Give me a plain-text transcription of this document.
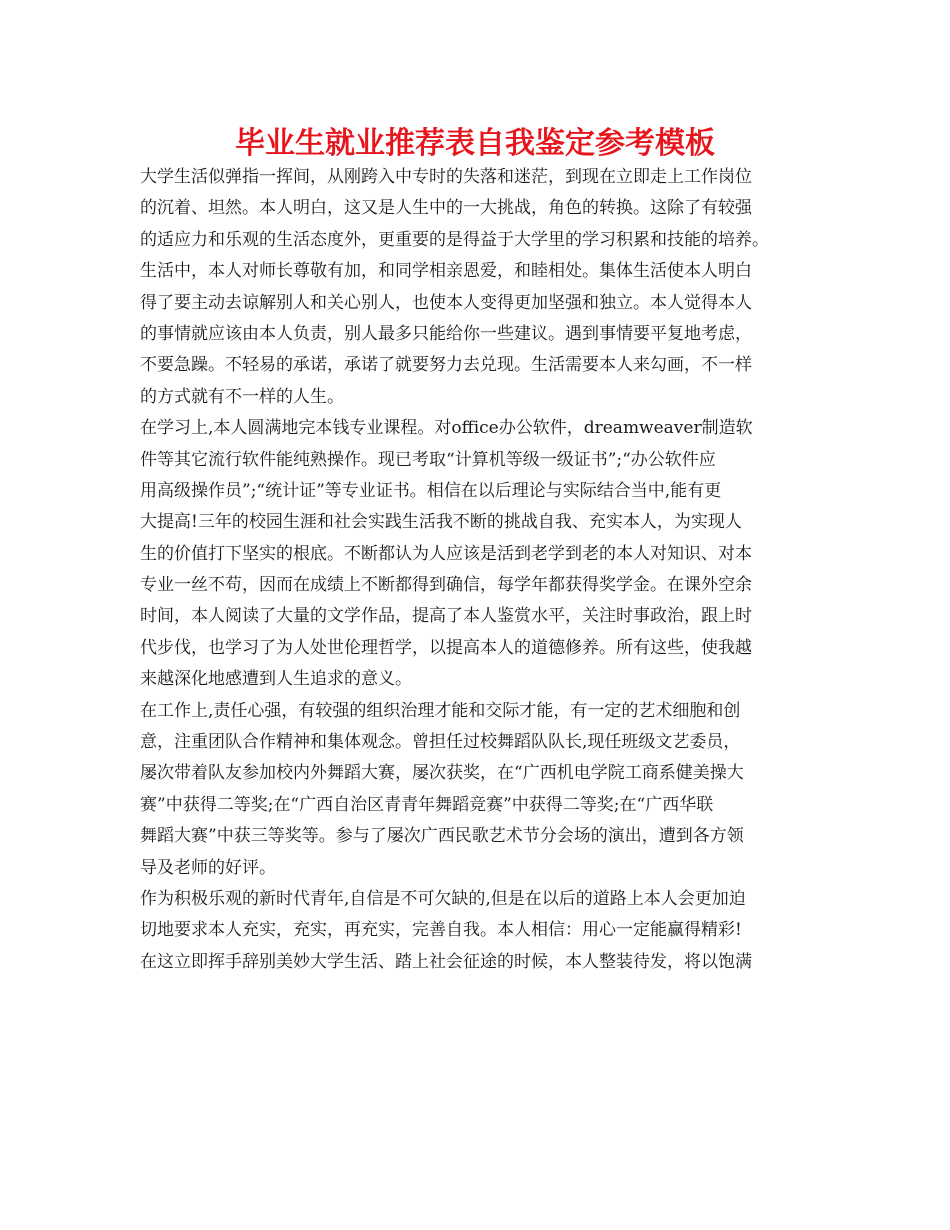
毕业生就业推荐表自我鉴定参考模板
大学生活似弹指一挥间，从刚跨入中专时的失落和迷茫，到现在立即走上工作岗位
的沉着、坦然。本人明白，这又是人生中的一大挑战，角色的转换。这除了有较强
的适应力和乐观的生活态度外，更重要的是得益于大学里的学习积累和技能的培养。
生活中，本人对师长尊敬有加，和同学相亲恩爱，和睦相处。集体生活使本人明白
得了要主动去谅解别人和关心别人，也使本人变得更加坚强和独立。本人觉得本人
的事情就应该由本人负责，别人最多只能给你一些建议。遇到事情要平复地考虑，
不要急躁。不轻易的承诺，承诺了就要努力去兑现。生活需要本人来勾画，不一样
的方式就有不一样的人生。
在学习上,本人圆满地完本钱专业课程。对office办公软件，dreamweaver制造软
件等其它流行软件能纯熟操作。现已考取“计算机等级一级证书”;“办公软件应
用高级操作员”;“统计证”等专业证书。相信在以后理论与实际结合当中,能有更
大提高!三年的校园生涯和社会实践生活我不断的挑战自我、充实本人，为实现人
生的价值打下坚实的根底。不断都认为人应该是活到老学到老的本人对知识、对本
专业一丝不苟，因而在成绩上不断都得到确信，每学年都获得奖学金。在课外空余
时间，本人阅读了大量的文学作品，提高了本人鉴赏水平，关注时事政治，跟上时
代步伐，也学习了为人处世伦理哲学，以提高本人的道德修养。所有这些，使我越
来越深化地感遭到人生追求的意义。
在工作上,责任心强，有较强的组织治理才能和交际才能，有一定的艺术细胞和创
意，注重团队合作精神和集体观念。曾担任过校舞蹈队队长,现任班级文艺委员，
屡次带着队友参加校内外舞蹈大赛，屡次获奖，在“广西机电学院工商系健美操大
赛”中获得二等奖;在“广西自治区青青年舞蹈竞赛”中获得二等奖;在“广西华联
舞蹈大赛”中获三等奖等。参与了屡次广西民歌艺术节分会场的演出，遭到各方领
导及老师的好评。
作为积极乐观的新时代青年,自信是不可欠缺的,但是在以后的道路上本人会更加迫
切地要求本人充实，充实，再充实，完善自我。本人相信：用心一定能赢得精彩!
在这立即挥手辞别美妙大学生活、踏上社会征途的时候，本人整装待发，将以饱满
